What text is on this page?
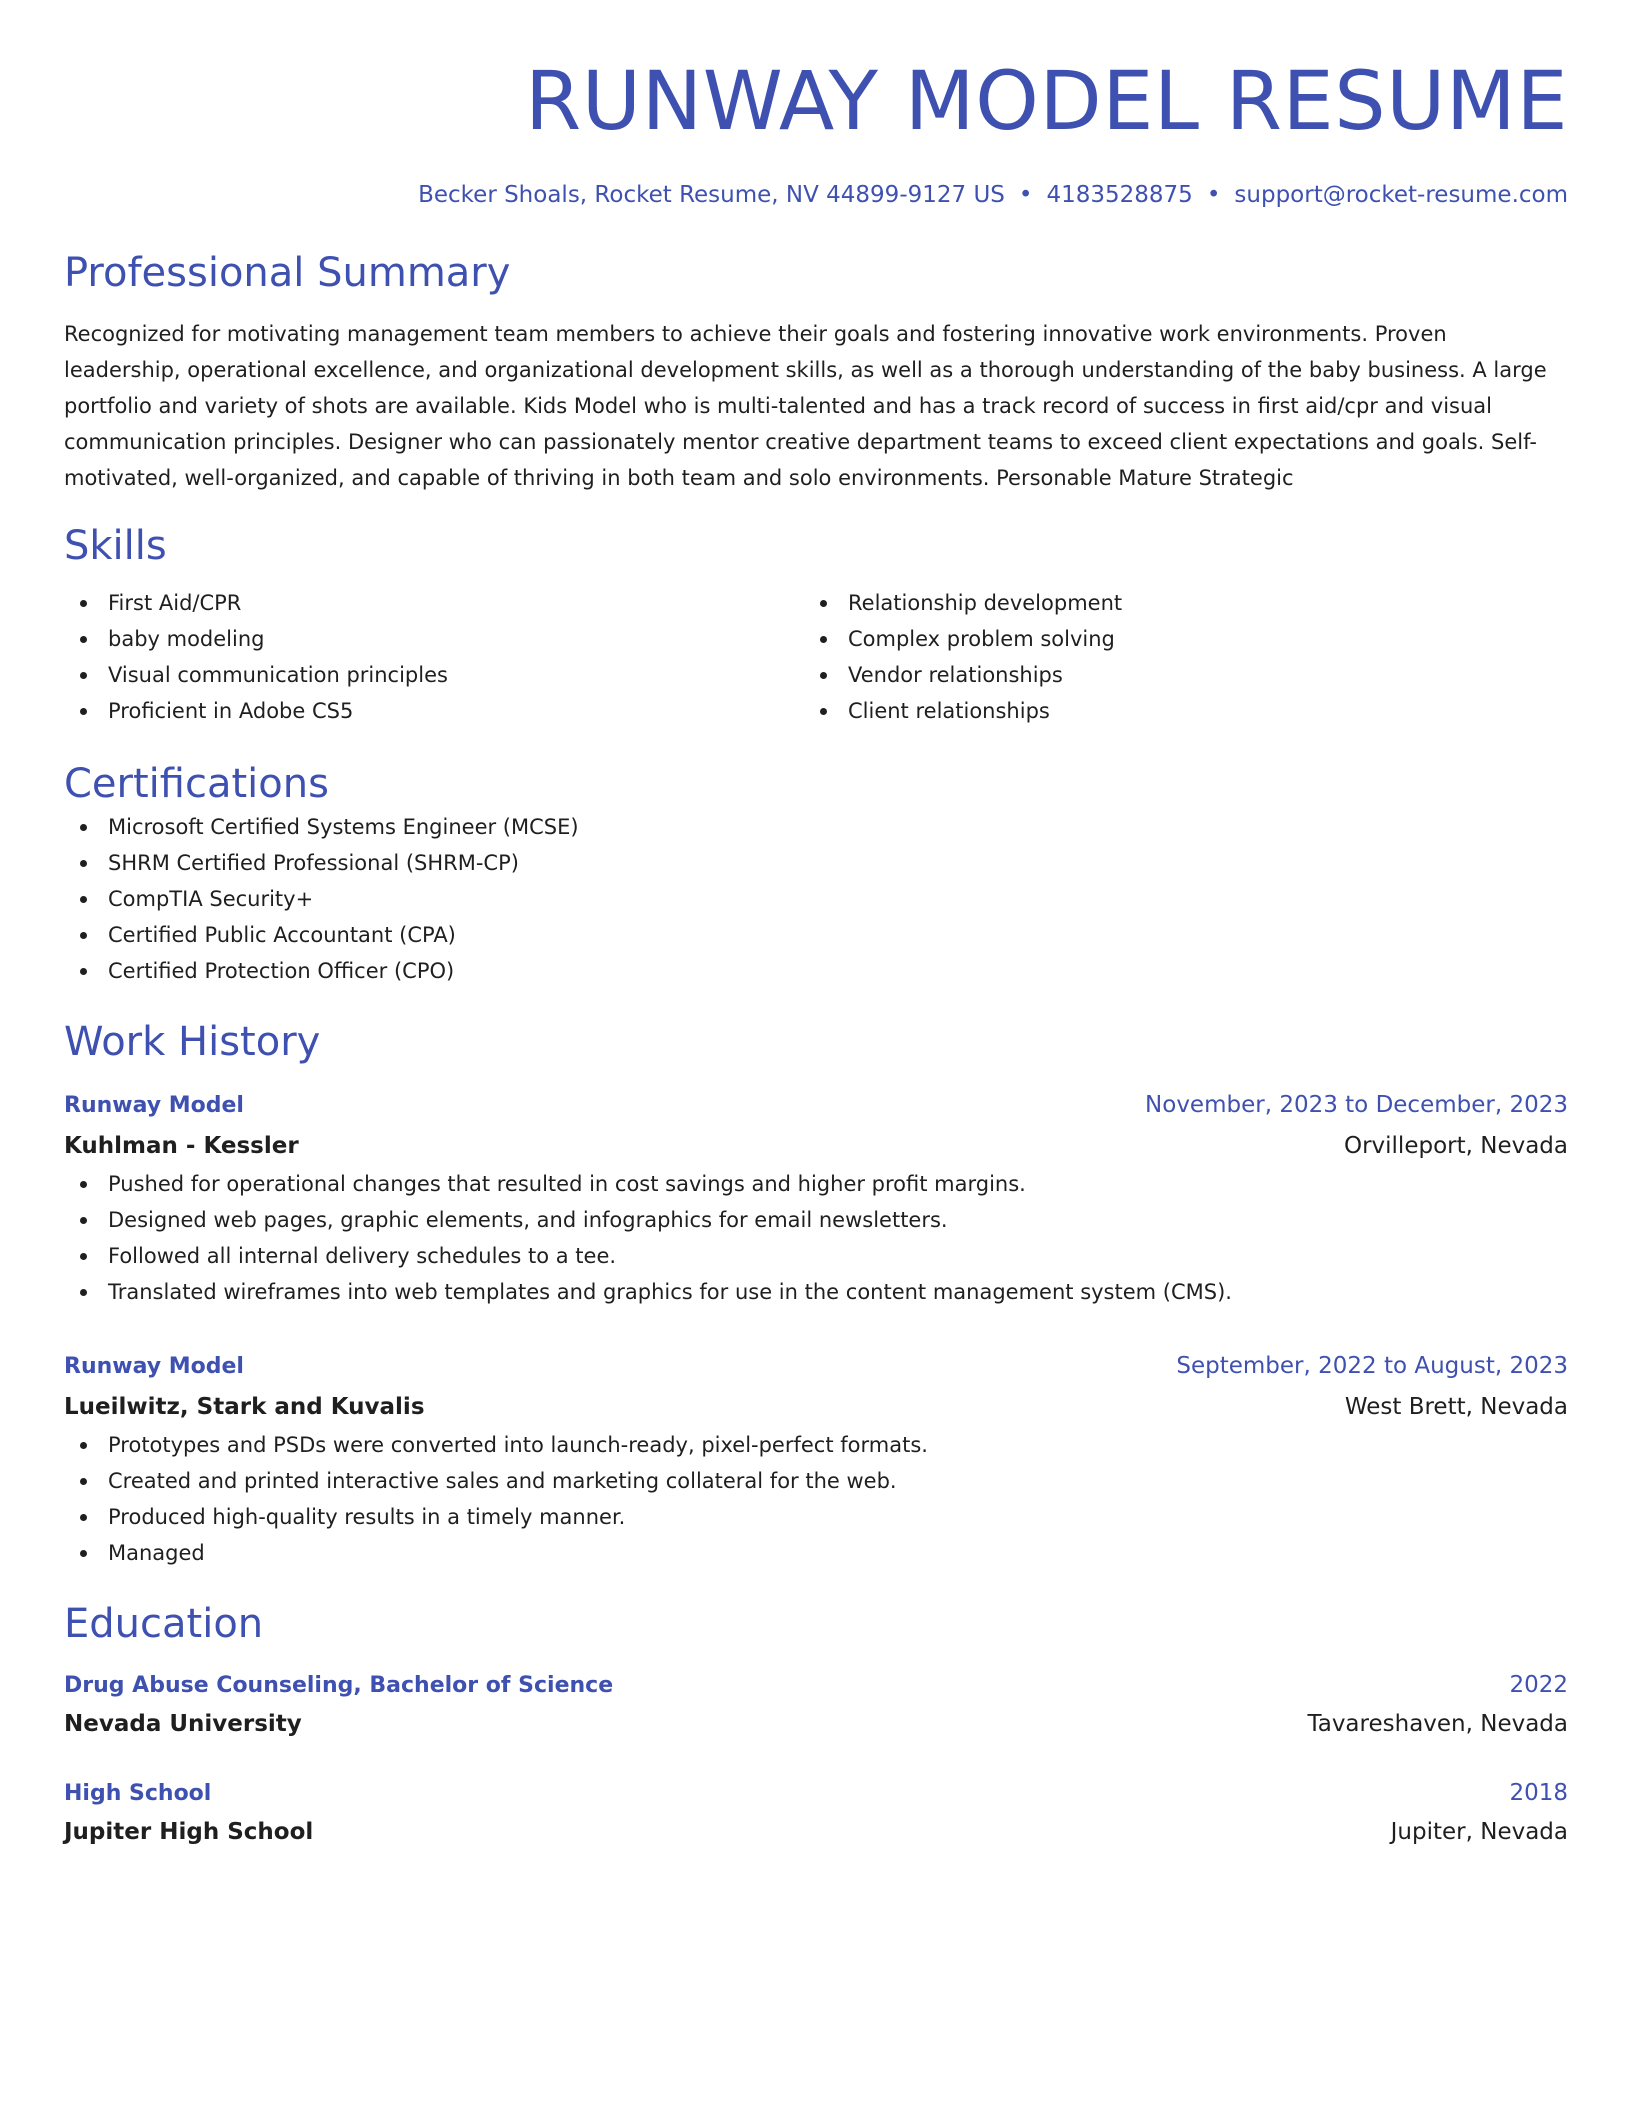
RUNWAY MODEL RESUME
Becker Shoals, Rocket Resume, NV 44899-9127 US • 4183528875 • support@rocket-resume.com
Professional Summary

Recognized for motivating management team members to achieve their goals and fostering innovative work environments. Proven leadership, operational excellence, and organizational development skills, as well as a thorough understanding of the baby business. A large portfolio and variety of shots are available. Kids Model who is multi-talented and has a track record of success in first aid/cpr and visual communication principles. Designer who can passionately mentor creative department teams to exceed client expectations and goals. Self-motivated, well-organized, and capable of thriving in both team and solo environments. Personable Mature Strategic

Skills
First Aid/CPR
baby modeling
Visual communication principles
Proficient in Adobe CS5
Relationship development
Complex problem solving
Vendor relationships
Client relationships
Certifications
Microsoft Certified Systems Engineer (MCSE)
SHRM Certified Professional (SHRM-CP)
CompTIA Security+
Certified Public Accountant (CPA)
Certified Protection Officer (CPO)
Work History
Runway Model	November, 2023 to December, 2023
Kuhlman - Kessler	Orvilleport, Nevada
Pushed for operational changes that resulted in cost savings and higher profit margins.
Designed web pages, graphic elements, and infographics for email newsletters.
Followed all internal delivery schedules to a tee.
Translated wireframes into web templates and graphics for use in the content management system (CMS).
Runway Model	September, 2022 to August, 2023
Lueilwitz, Stark and Kuvalis	West Brett, Nevada
Prototypes and PSDs were converted into launch-ready, pixel-perfect formats.
Created and printed interactive sales and marketing collateral for the web.
Produced high-quality results in a timely manner.
Managed
Education
Drug Abuse Counseling, Bachelor of Science	2022
Nevada University	Tavareshaven, Nevada
High School	2018
Jupiter High School	Jupiter, Nevada
